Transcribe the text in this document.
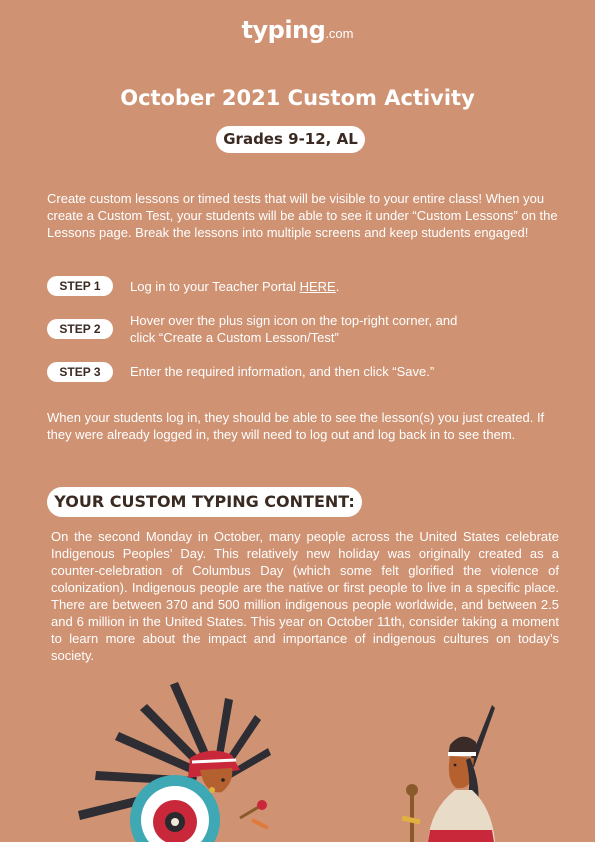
typing.com
October 2021 Custom Activity
Grades 9-12, AL
Create custom lessons or timed tests that will be visible to your entire class! When you create a Custom Test, your students will be able to see it under “Custom Lessons” on the Lessons page. Break the lessons into multiple screens and keep students engaged!
STEP 1	Log in to your Teacher Portal HERE.
STEP 2
Hover over the plus sign icon on the top-right corner, and
click “Create a Custom Lesson/Test”
STEP 3	Enter the required information, and then click “Save.”
When your students log in, they should be able to see the lesson(s) you just created. If they were already logged in, they will need to log out and log back in to see them.
YOUR CUSTOM TYPING CONTENT:
On the second Monday in October, many people across the United States celebrate Indigenous Peoples’ Day. This relatively new holiday was originally created as a counter-celebration of Columbus Day (which some felt glorified the violence of colonization). Indigenous people are the native or first people to live in a specific place. There are between 370 and 500 million indigenous people worldwide, and between 2.5 and 6 million in the United States. This year on October 11th, consider taking a moment to learn more about the impact and importance of indigenous cultures on today’s society.
